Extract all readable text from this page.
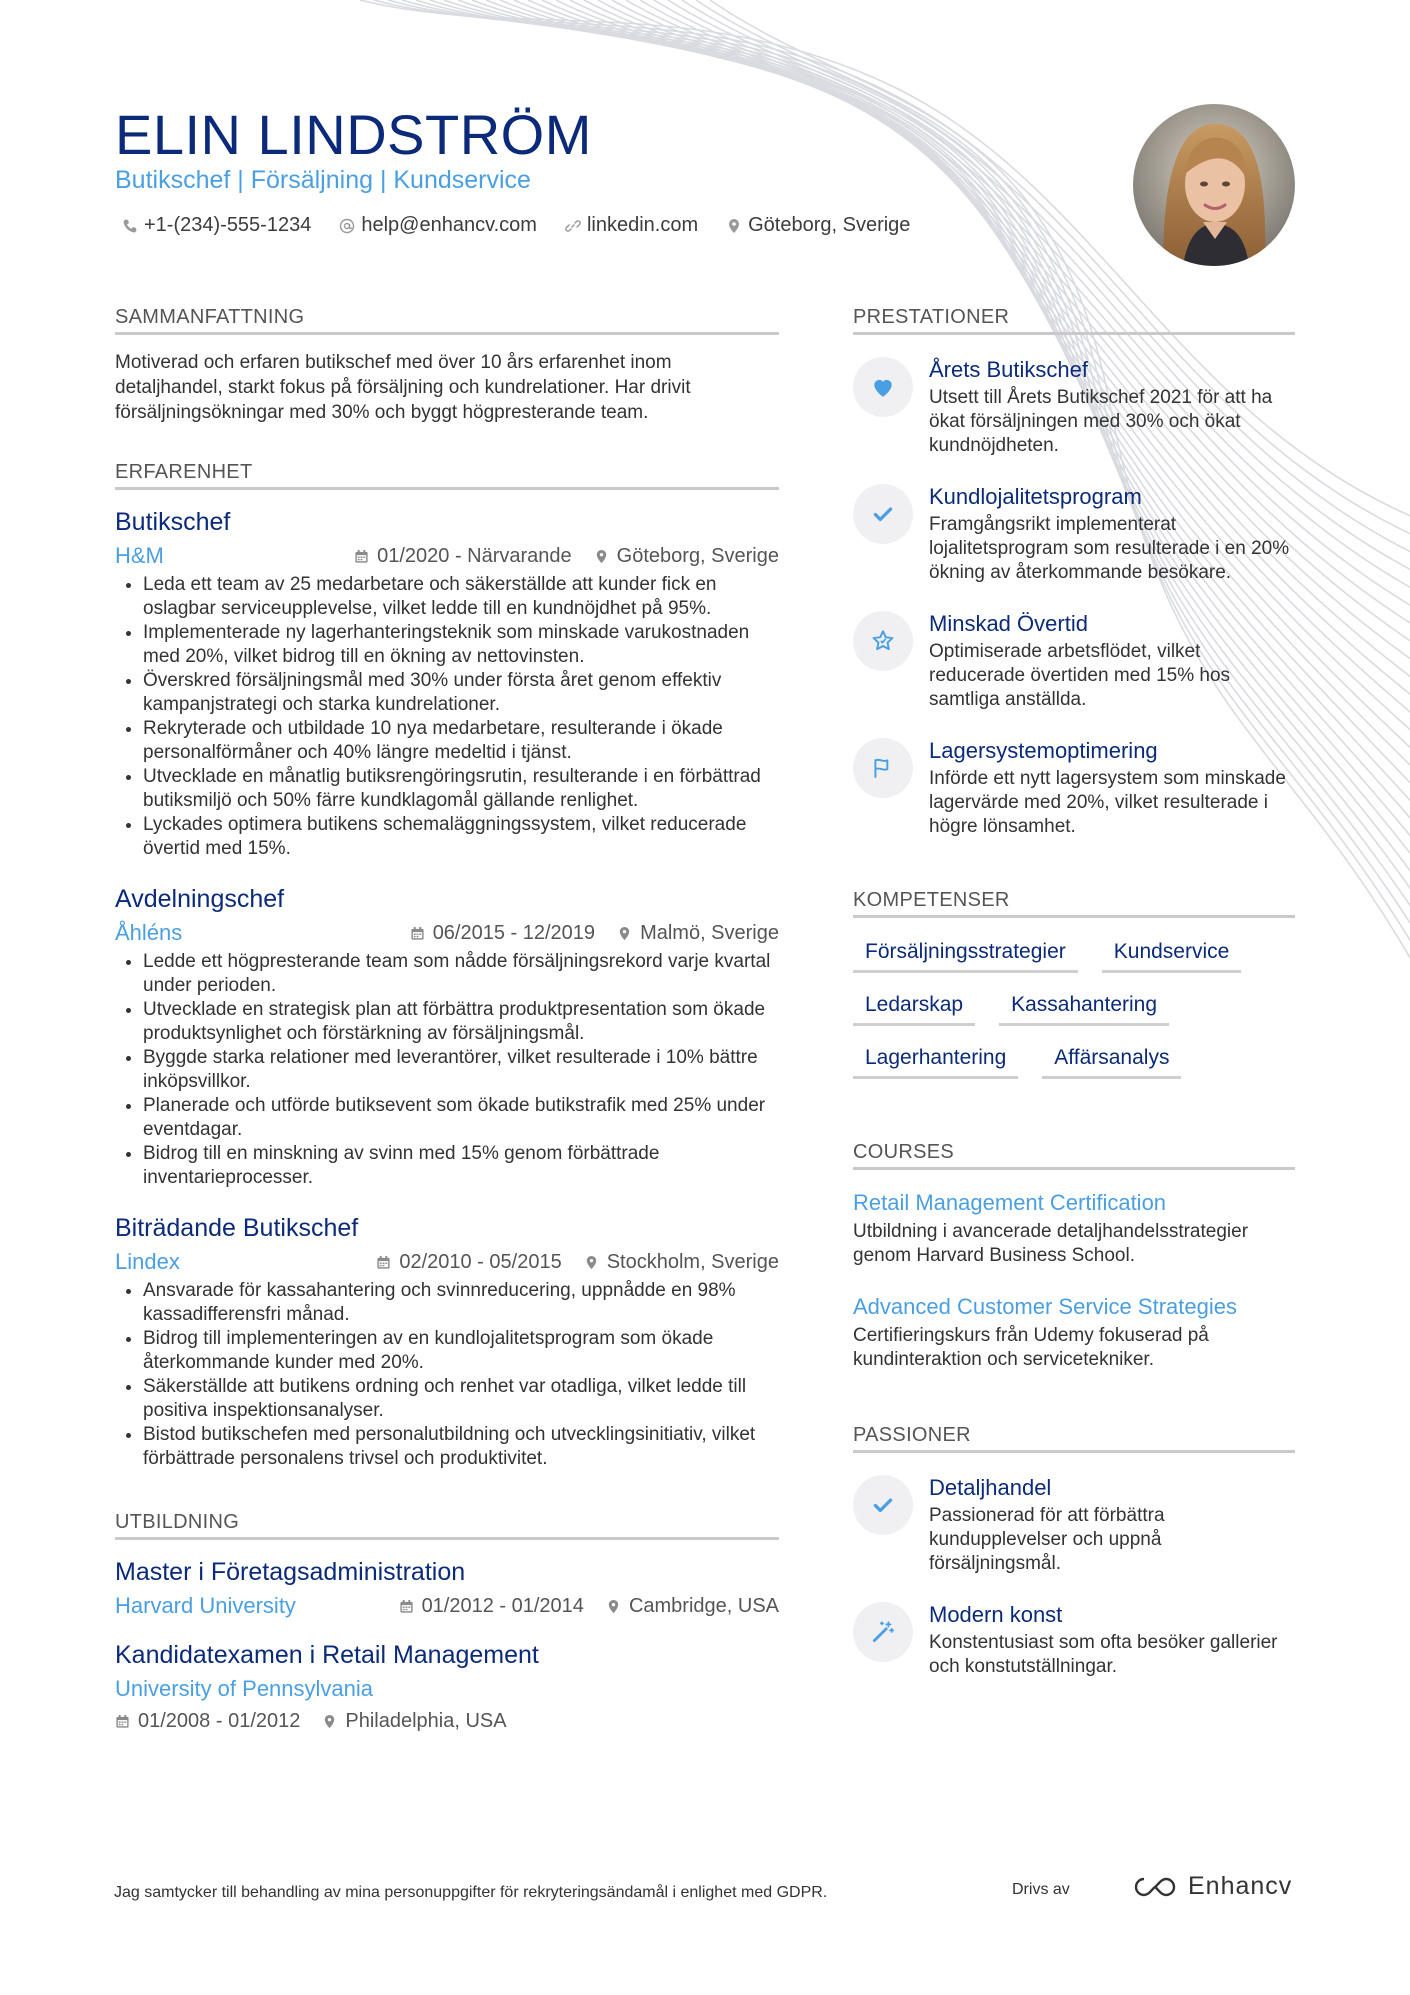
ELIN LINDSTRÖM
Butikschef | Försäljning | Kundservice
+1-(234)-555-1234	help@enhancv.com	linkedin.com	Göteborg, Sverige
SAMMANFATTNING
Motiverad och erfaren butikschef med över 10 års erfarenhet inom detaljhandel, starkt fokus på försäljning och kundrelationer. Har drivit försäljningsökningar med 30% och byggt högpresterande team.
ERFARENHET
Butikschef
H&M	01/2020 - Närvarande Göteborg, Sverige
• Leda ett team av 25 medarbetare och säkerställde att kunder fick en oslagbar serviceupplevelse, vilket ledde till en kundnöjdhet på 95%.
• Implementerade ny lagerhanteringsteknik som minskade varukostnaden med 20%, vilket bidrog till en ökning av nettovinsten.
• Överskred försäljningsmål med 30% under första året genom effektiv kampanjstrategi och starka kundrelationer.
• Rekryterade och utbildade 10 nya medarbetare, resulterande i ökade personalförmåner och 40% längre medeltid i tjänst.
• Utvecklade en månatlig butiksrengöringsrutin, resulterande i en förbättrad butiksmiljö och 50% färre kundklagomål gällande renlighet.
• Lyckades optimera butikens schemaläggningssystem, vilket reducerade övertid med 15%.
Avdelningschef
Åhléns	06/2015 - 12/2019 Malmö, Sverige
• Ledde ett högpresterande team som nådde försäljningsrekord varje kvartal under perioden.
• Utvecklade en strategisk plan att förbättra produktpresentation som ökade produktsynlighet och förstärkning av försäljningsmål.
• Byggde starka relationer med leverantörer, vilket resulterade i 10% bättre inköpsvillkor.
• Planerade och utförde butiksevent som ökade butikstrafik med 25% under eventdagar.
• Bidrog till en minskning av svinn med 15% genom förbättrade inventarieprocesser.
Biträdande Butikschef
Lindex	02/2010 - 05/2015 Stockholm, Sverige
• Ansvarade för kassahantering och svinnreducering, uppnådde en 98% kassadifferensfri månad.
• Bidrog till implementeringen av en kundlojalitetsprogram som ökade återkommande kunder med 20%.
• Säkerställde att butikens ordning och renhet var otadliga, vilket ledde till positiva inspektionsanalyser.
• Bistod butikschefen med personalutbildning och utvecklingsinitiativ, vilket förbättrade personalens trivsel och produktivitet.
UTBILDNING
Master i Företagsadministration
Harvard University	01/2012 - 01/2014 Cambridge, USA
Kandidatexamen i Retail Management
University of Pennsylvania
01/2008 - 01/2012 Philadelphia, USA
PRESTATIONER
Årets Butikschef
Utsett till Årets Butikschef 2021 för att ha ökat försäljningen med 30% och ökat kundnöjdheten.
Kundlojalitetsprogram
Framgångsrikt implementerat lojalitetsprogram som resulterade i en 20% ökning av återkommande besökare.
Minskad Övertid
Optimiserade arbetsflödet, vilket reducerade övertiden med 15% hos samtliga anställda.
Lagersystemoptimering
Införde ett nytt lagersystem som minskade lagervärde med 20%, vilket resulterade i högre lönsamhet.
KOMPETENSER
Försäljningsstrategier	Kundservice
Ledarskap	Kassahantering
Lagerhantering	Affärsanalys
COURSES
Retail Management Certification
Utbildning i avancerade detaljhandelsstrategier genom Harvard Business School.
Advanced Customer Service Strategies
Certifieringskurs från Udemy fokuserad på kundinteraktion och servicetekniker.
PASSIONER
Detaljhandel
Passionerad för att förbättra kundupplevelser och uppnå försäljningsmål.
Modern konst
Konstentusiast som ofta besöker gallerier och konstutställningar.
Jag samtycker till behandling av mina personuppgifter för rekryteringsändamål i enlighet med GDPR.	Drivs av	Enhancv
